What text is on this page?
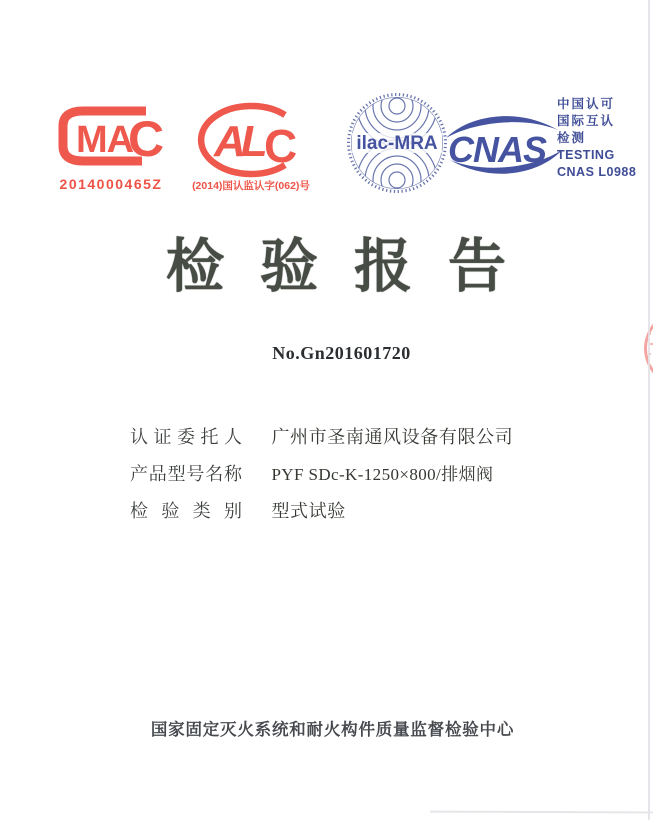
MA
C
2014000465Z
AL C
(2014)国认监认字(062)号
ilac-MRA CNAS
中国认可
国际互认
检测
TESTING
CNAS L0988
检验报告
No.Gn201601720
认证委托人 广州市圣南通风设备有限公司
产品型号名称 PYF SDc-K-1250×800/排烟阀
检验类别 型式试验
国家固定灭火系统和耐火构件质量监督检验中心
